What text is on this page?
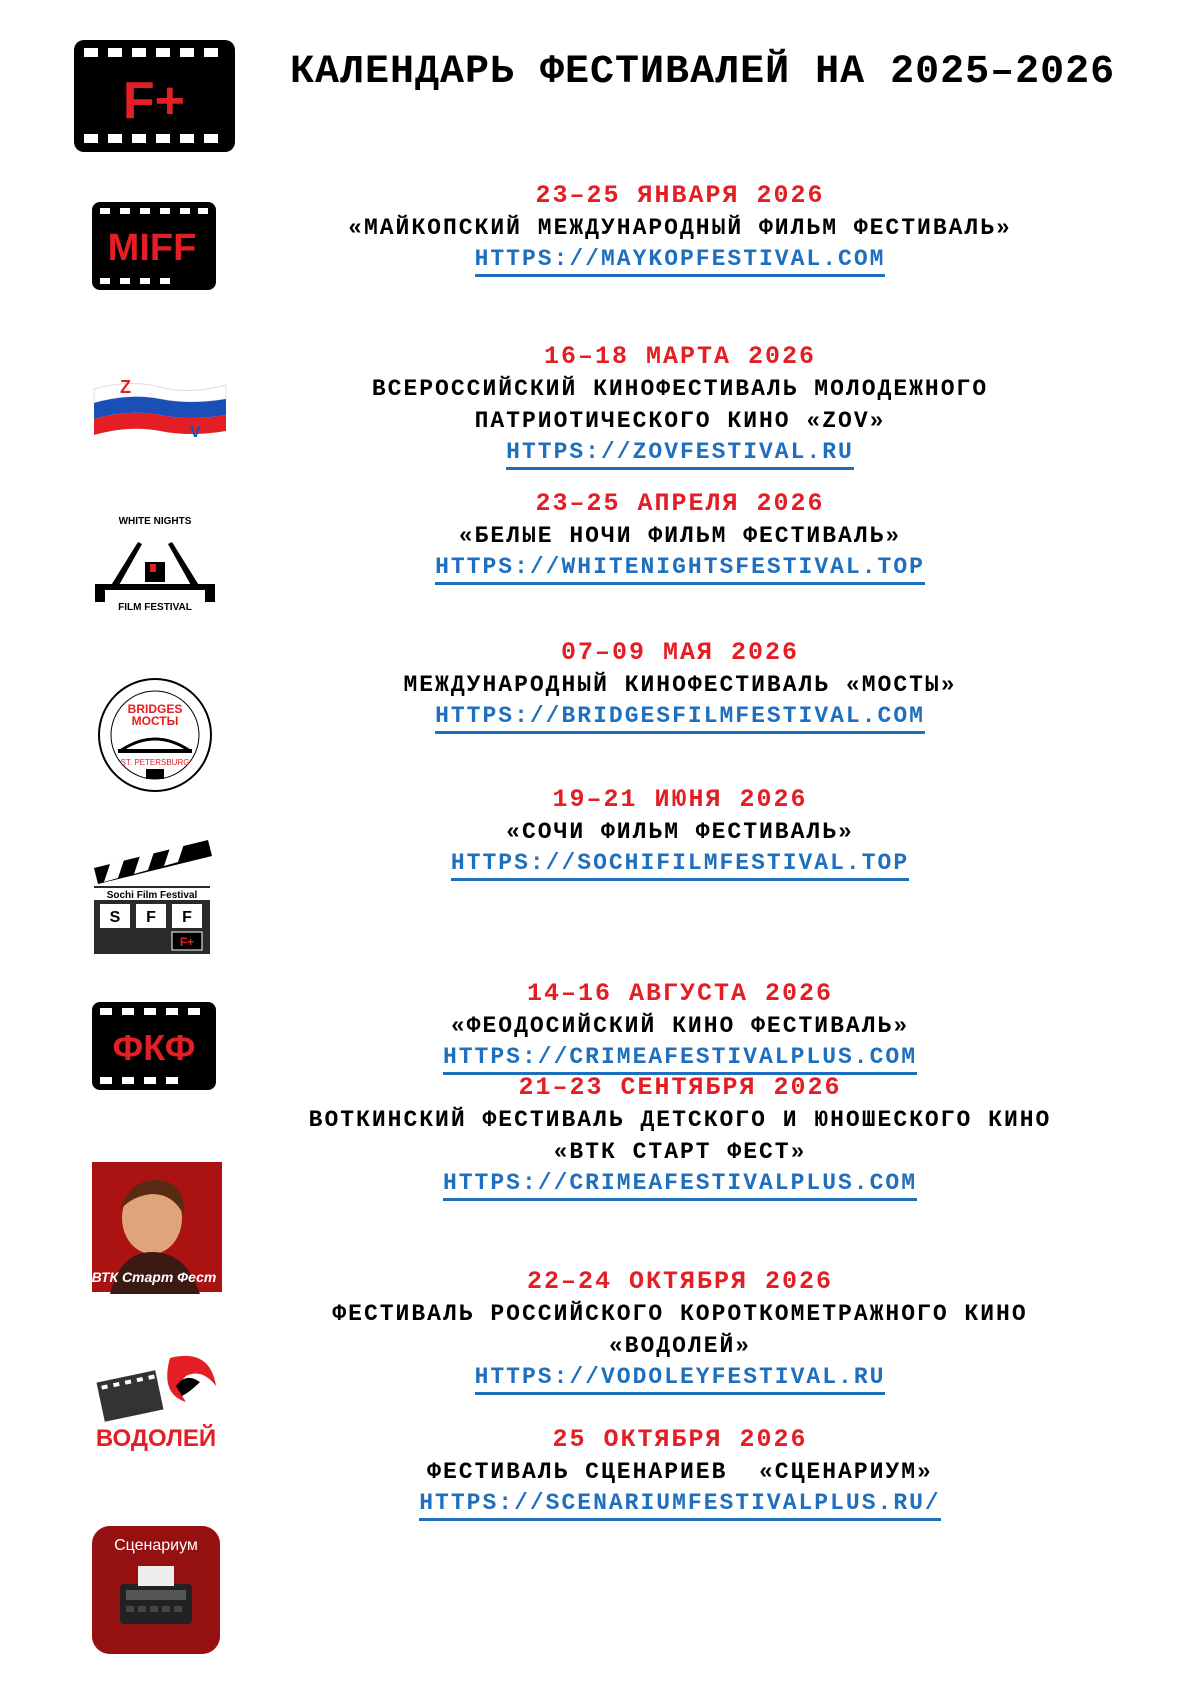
F+	КАЛЕНДАРЬ ФЕСТИВАЛЕЙ НА 2025–2026
MIFF
23–25 ЯНВАРЯ 2026
«МАЙКОПСКИЙ МЕЖДУНАРОДНЫЙ ФИЛЬМ ФЕСТИВАЛЬ»
HTTPS://MAYKOPFESTIVAL.COM
Z
O
V
16–18 МАРТА 2026
ВСЕРОССИЙСКИЙ КИНОФЕСТИВАЛЬ МОЛОДЕЖНОГО
ПАТРИОТИЧЕСКОГО КИНО «ZOV»
HTTPS://ZOVFESTIVAL.RU
WHITE NIGHTS
FILM FESTIVAL
23–25 АПРЕЛЯ 2026
«БЕЛЫЕ НОЧИ ФИЛЬМ ФЕСТИВАЛЬ»
HTTPS://WHITENIGHTSFESTIVAL.TOP
BRIDGES
МОСТЫ
ST. PETERSBURG
07–09 МАЯ 2026
МЕЖДУНАРОДНЫЙ КИНОФЕСТИВАЛЬ «МОСТЫ»
HTTPS://BRIDGESFILMFESTIVAL.COM
Sochi Film Festival
S F F
F+
19–21 ИЮНЯ 2026
«СОЧИ ФИЛЬМ ФЕСТИВАЛЬ»
HTTPS://SOCHIFILMFESTIVAL.TOP
ФКФ
14–16 АВГУСТА 2026
«ФЕОДОСИЙСКИЙ КИНО ФЕСТИВАЛЬ»
HTTPS://CRIMEAFESTIVALPLUS.COM
ВТК Старт Фест
21–23 СЕНТЯБРЯ 2026
ВОТКИНСКИЙ ФЕСТИВАЛЬ ДЕТСКОГО И ЮНОШЕСКОГО КИНО
«ВТК СТАРТ ФЕСТ»
HTTPS://CRIMEAFESTIVALPLUS.COM
ВОДОЛЕЙ
22–24 ОКТЯБРЯ 2026
ФЕСТИВАЛЬ РОССИЙСКОГО КОРОТКОМЕТРАЖНОГО КИНО
«ВОДОЛЕЙ»
HTTPS://VODOLEYFESTIVAL.RU
Сценариум
25 ОКТЯБРЯ 2026
ФЕСТИВАЛЬ СЦЕНАРИЕВ  «СЦЕНАРИУМ»
HTTPS://SCENARIUMFESTIVALPLUS.RU/
